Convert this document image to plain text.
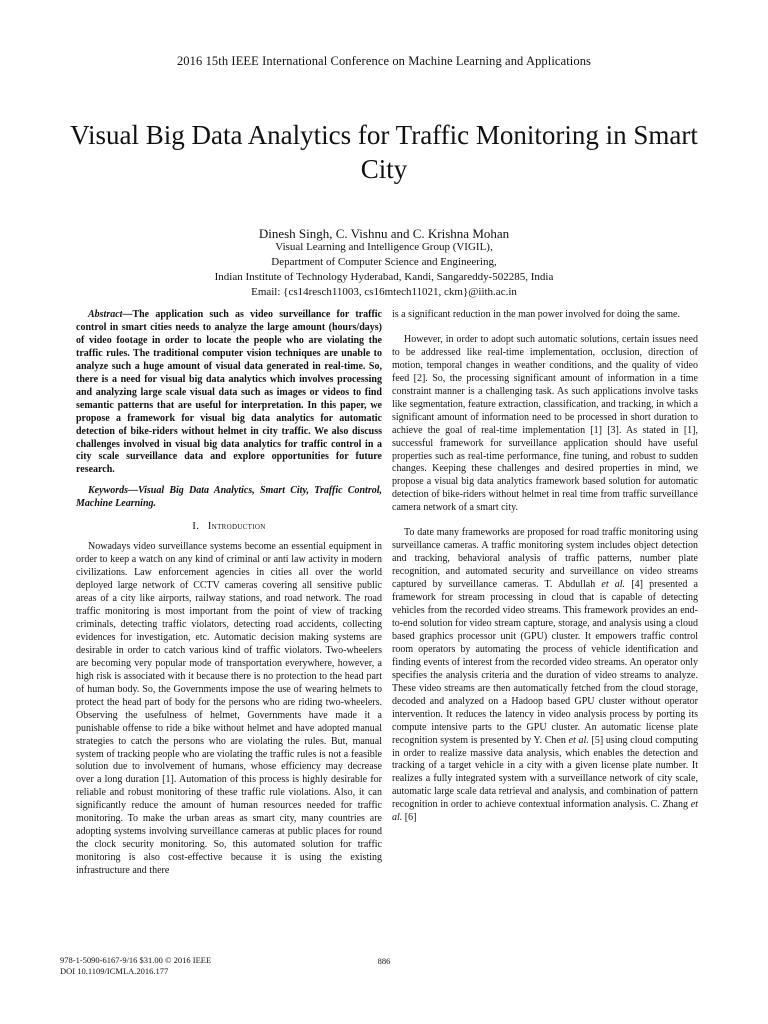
2016 15th IEEE International Conference on Machine Learning and Applications
Visual Big Data Analytics for Traffic Monitoring in Smart City
Dinesh Singh, C. Vishnu and C. Krishna Mohan
Visual Learning and Intelligence Group (VIGIL),
Department of Computer Science and Engineering,
Indian Institute of Technology Hyderabad, Kandi, Sangareddy-502285, India
Email: {cs14resch11003, cs16mtech11021, ckm}@iith.ac.in

Abstract—The application such as video surveillance for traffic control in smart cities needs to analyze the large amount (hours/days) of video footage in order to locate the people who are violating the traffic rules. The traditional computer vision techniques are unable to analyze such a huge amount of visual data generated in real-time. So, there is a need for visual big data analytics which involves processing and analyzing large scale visual data such as images or videos to find semantic patterns that are useful for interpretation. In this paper, we propose a framework for visual big data analytics for automatic detection of bike-riders without helmet in city traffic. We also discuss challenges involved in visual big data analytics for traffic control in a city scale surveillance data and explore opportunities for future research.

Keywords—Visual Big Data Analytics, Smart City, Traffic Control, Machine Learning.

I. Introduction

Nowadays video surveillance systems become an essential equipment in order to keep a watch on any kind of criminal or anti law activity in modern civilizations. Law enforcement agencies in cities all over the world deployed large network of CCTV cameras covering all sensitive public areas of a city like airports, railway stations, and road network. The road traffic monitoring is most important from the point of view of tracking criminals, detecting traffic violators, detecting road accidents, collecting evidences for investigation, etc. Automatic decision making systems are desirable in order to catch various kind of traffic violators. Two-wheelers are becoming very popular mode of transportation everywhere, however, a high risk is associated with it because there is no protection to the head part of human body. So, the Governments impose the use of wearing helmets to protect the head part of body for the persons who are riding two-wheelers. Observing the usefulness of helmet, Governments have made it a punishable offense to ride a bike without helmet and have adopted manual strategies to catch the persons who are violating the rules. But, manual system of tracking people who are violating the traffic rules is not a feasible solution due to involvement of humans, whose efficiency may decrease over a long duration [1]. Automation of this process is highly desirable for reliable and robust monitoring of these traffic rule violations. Also, it can significantly reduce the amount of human resources needed for traffic monitoring. To make the urban areas as smart city, many countries are adopting systems involving surveillance cameras at public places for round the clock security monitoring. So, this automated solution for traffic monitoring is also cost-effective because it is using the existing infrastructure and there

is a significant reduction in the man power involved for doing the same.

However, in order to adopt such automatic solutions, certain issues need to be addressed like real-time implementation, occlusion, direction of motion, temporal changes in weather conditions, and the quality of video feed [2]. So, the processing significant amount of information in a time constraint manner is a challenging task. As such applications involve tasks like segmentation, feature extraction, classification, and tracking, in which a significant amount of information need to be processed in short duration to achieve the goal of real-time implementation [1] [3]. As stated in [1], successful framework for surveillance application should have useful properties such as real-time performance, fine tuning, and robust to sudden changes. Keeping these challenges and desired properties in mind, we propose a visual big data analytics framework based solution for automatic detection of bike-riders without helmet in real time from traffic surveillance camera network of a smart city.

To date many frameworks are proposed for road traffic monitoring using surveillance cameras. A traffic monitoring system includes object detection and tracking, behavioral analysis of traffic patterns, number plate recognition, and automated security and surveillance on video streams captured by surveillance cameras. T. Abdullah et al. [4] presented a framework for stream processing in cloud that is capable of detecting vehicles from the recorded video streams. This framework provides an end-to-end solution for video stream capture, storage, and analysis using a cloud based graphics processor unit (GPU) cluster. It empowers traffic control room operators by automating the process of vehicle identification and finding events of interest from the recorded video streams. An operator only specifies the analysis criteria and the duration of video streams to analyze. These video streams are then automatically fetched from the cloud storage, decoded and analyzed on a Hadoop based GPU cluster without operator intervention. It reduces the latency in video analysis process by porting its compute intensive parts to the GPU cluster. An automatic license plate recognition system is presented by Y. Chen et al. [5] using cloud computing in order to realize massive data analysis, which enables the detection and tracking of a target vehicle in a city with a given license plate number. It realizes a fully integrated system with a surveillance network of city scale, automatic large scale data retrieval and analysis, and combination of pattern recognition in order to achieve contextual information analysis. C. Zhang et al. [6]

978-1-5090-6167-9/16 $31.00 © 2016 IEEE
DOI 10.1109/ICMLA.2016.177
886
